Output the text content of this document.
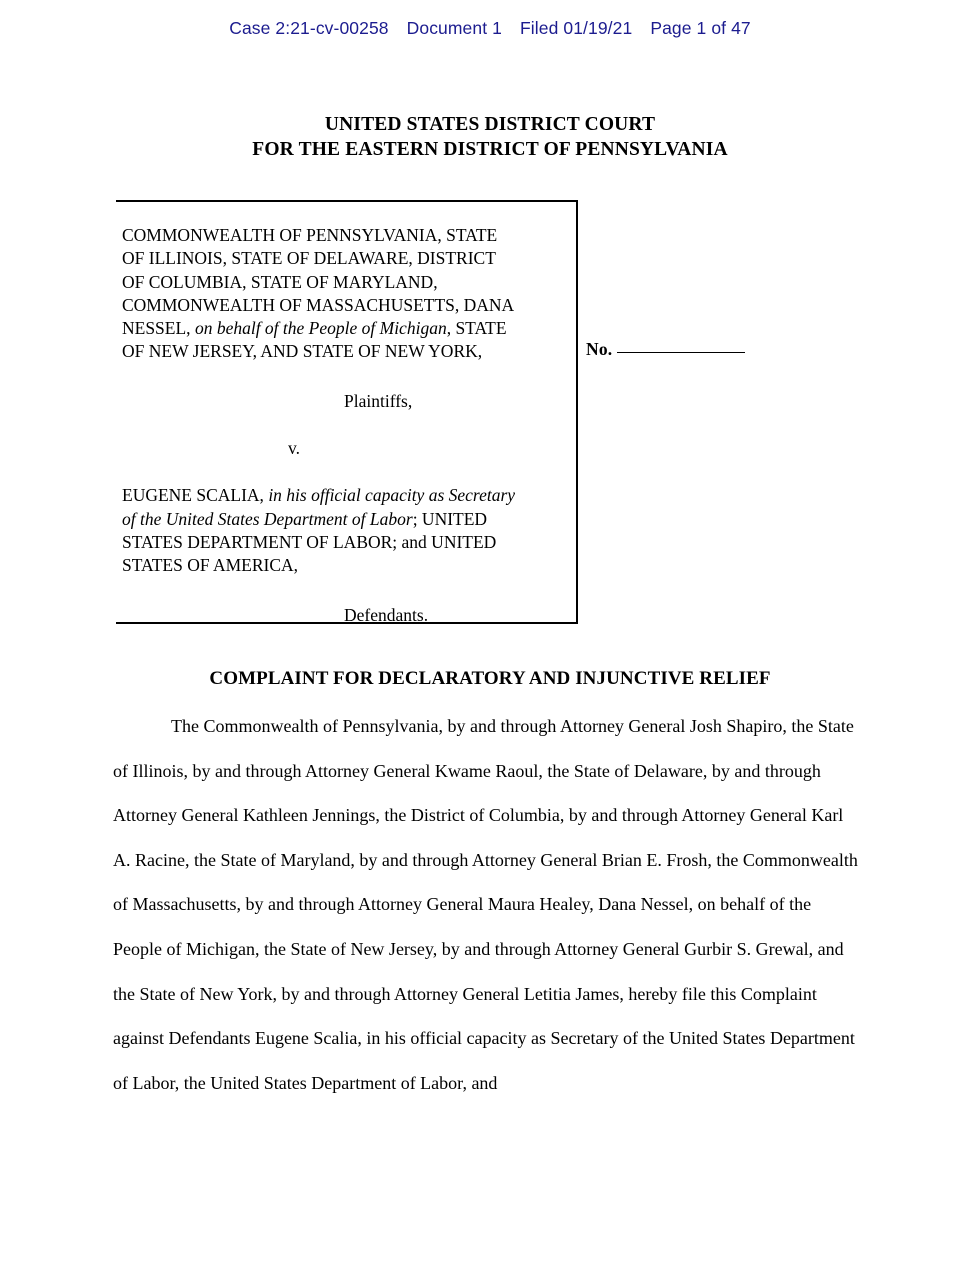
Case 2:21-cv-00258 Document 1 Filed 01/19/21 Page 1 of 47
UNITED STATES DISTRICT COURT
FOR THE EASTERN DISTRICT OF PENNSYLVANIA
COMMONWEALTH OF PENNSYLVANIA, STATE
OF ILLINOIS, STATE OF DELAWARE, DISTRICT
OF COLUMBIA, STATE OF MARYLAND,
COMMONWEALTH OF MASSACHUSETTS, DANA
NESSEL, on behalf of the People of Michigan, STATE
OF NEW JERSEY, AND STATE OF NEW YORK,
Plaintiffs,
v.
EUGENE SCALIA, in his official capacity as Secretary
of the United States Department of Labor; UNITED
STATES DEPARTMENT OF LABOR; and UNITED
STATES OF AMERICA,
Defendants.
No.
COMPLAINT FOR DECLARATORY AND INJUNCTIVE RELIEF

The Commonwealth of Pennsylvania, by and through Attorney General Josh Shapiro, the State of Illinois, by and through Attorney General Kwame Raoul, the State of Delaware, by and through Attorney General Kathleen Jennings, the District of Columbia, by and through Attorney General Karl A. Racine, the State of Maryland, by and through Attorney General Brian E. Frosh, the Commonwealth of Massachusetts, by and through Attorney General Maura Healey, Dana Nessel, on behalf of the People of Michigan, the State of New Jersey, by and through Attorney General Gurbir S. Grewal, and the State of New York, by and through Attorney General Letitia James, hereby file this Complaint against Defendants Eugene Scalia, in his official capacity as Secretary of the United States Department of Labor, the United States Department of Labor, and
